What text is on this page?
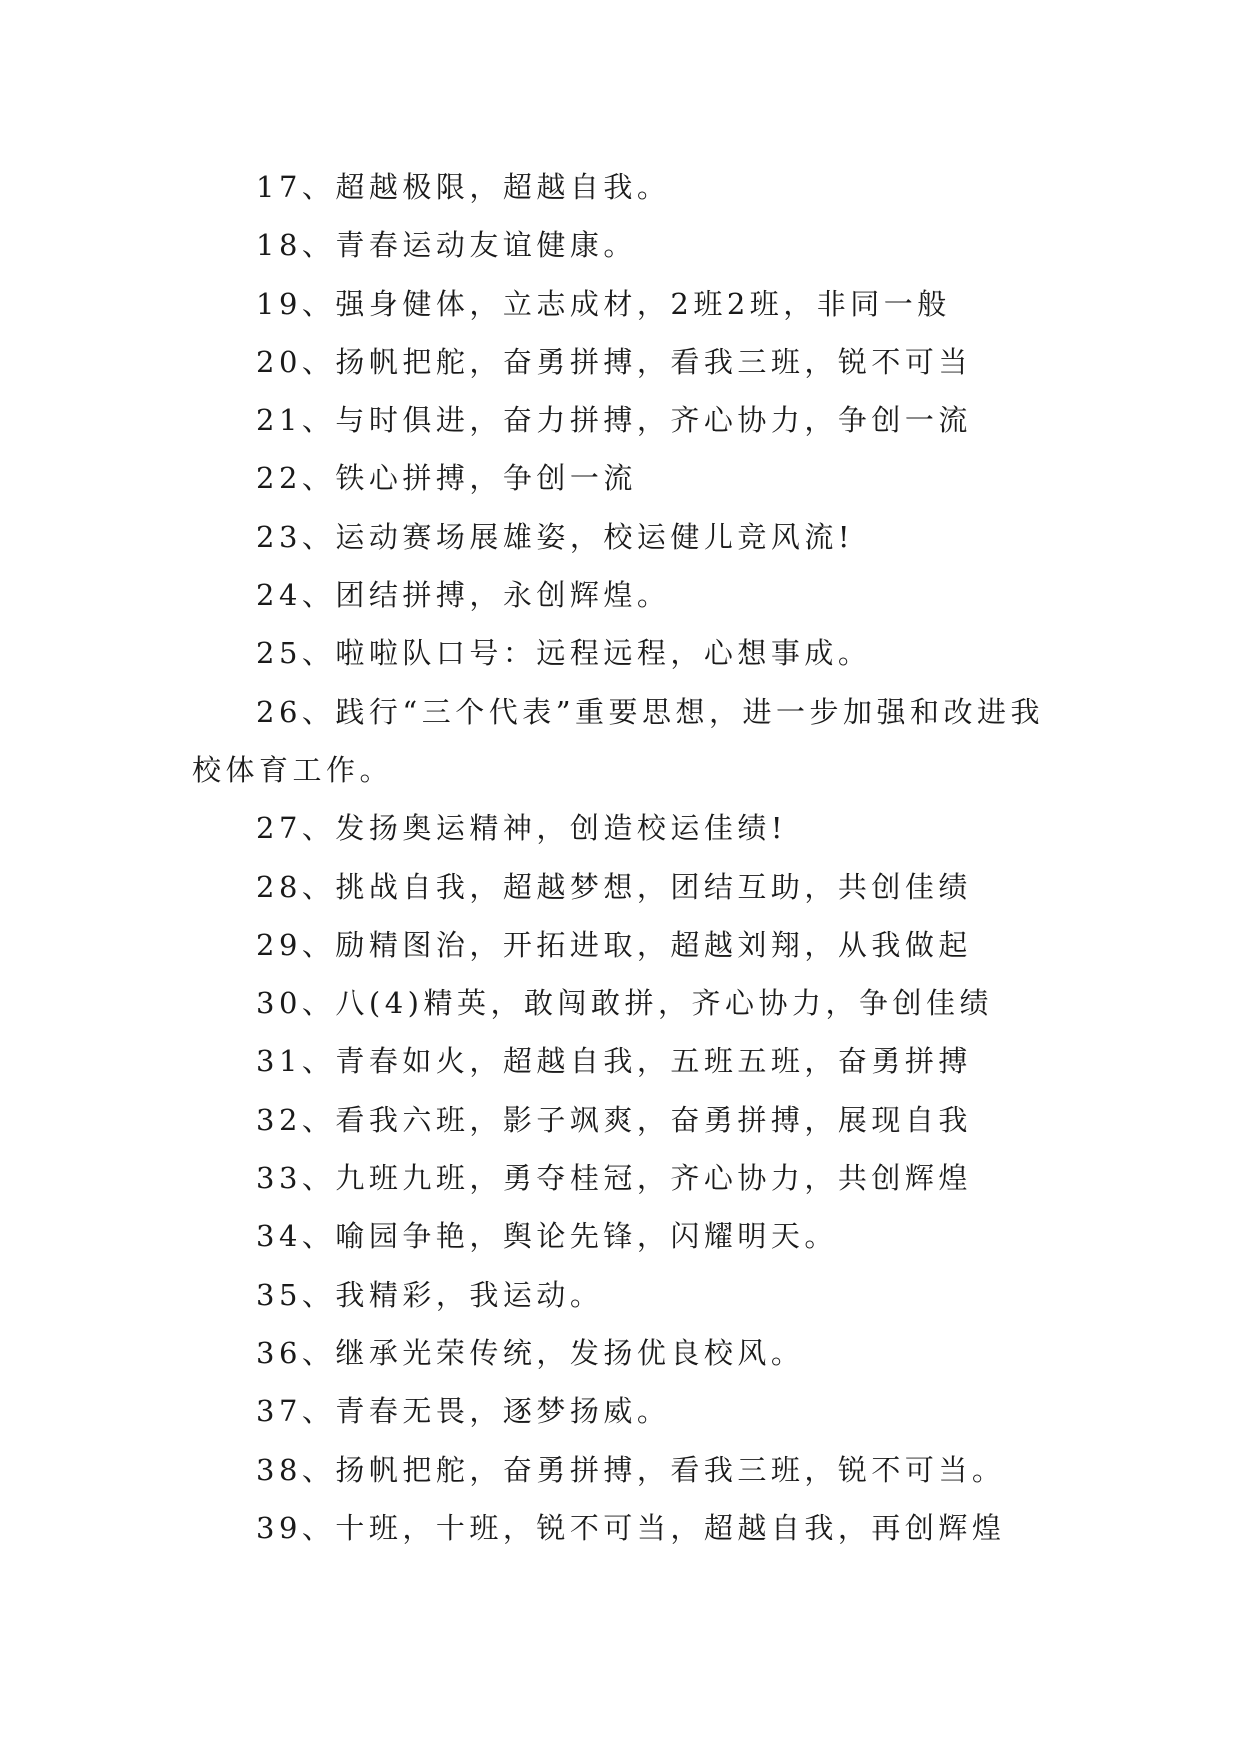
17、超越极限，超越自我。

18、青春运动友谊健康。

19、强身健体，立志成材，2班2班，非同一般

20、扬帆把舵，奋勇拼搏，看我三班，锐不可当

21、与时俱进，奋力拼搏，齐心协力，争创一流

22、铁心拼搏，争创一流

23、运动赛场展雄姿，校运健儿竞风流!

24、团结拼搏，永创辉煌。

25、啦啦队口号：远程远程，心想事成。

26、践行“三个代表”重要思想，进一步加强和改进我校体育工作。

27、发扬奥运精神，创造校运佳绩!

28、挑战自我，超越梦想，团结互助，共创佳绩

29、励精图治，开拓进取，超越刘翔，从我做起

30、八(4)精英，敢闯敢拼，齐心协力，争创佳绩

31、青春如火，超越自我，五班五班，奋勇拼搏

32、看我六班，影子飒爽，奋勇拼搏，展现自我

33、九班九班，勇夺桂冠，齐心协力，共创辉煌

34、喻园争艳，舆论先锋，闪耀明天。

35、我精彩，我运动。

36、继承光荣传统，发扬优良校风。

37、青春无畏，逐梦扬威。

38、扬帆把舵，奋勇拼搏，看我三班，锐不可当。

39、十班，十班，锐不可当，超越自我，再创辉煌
